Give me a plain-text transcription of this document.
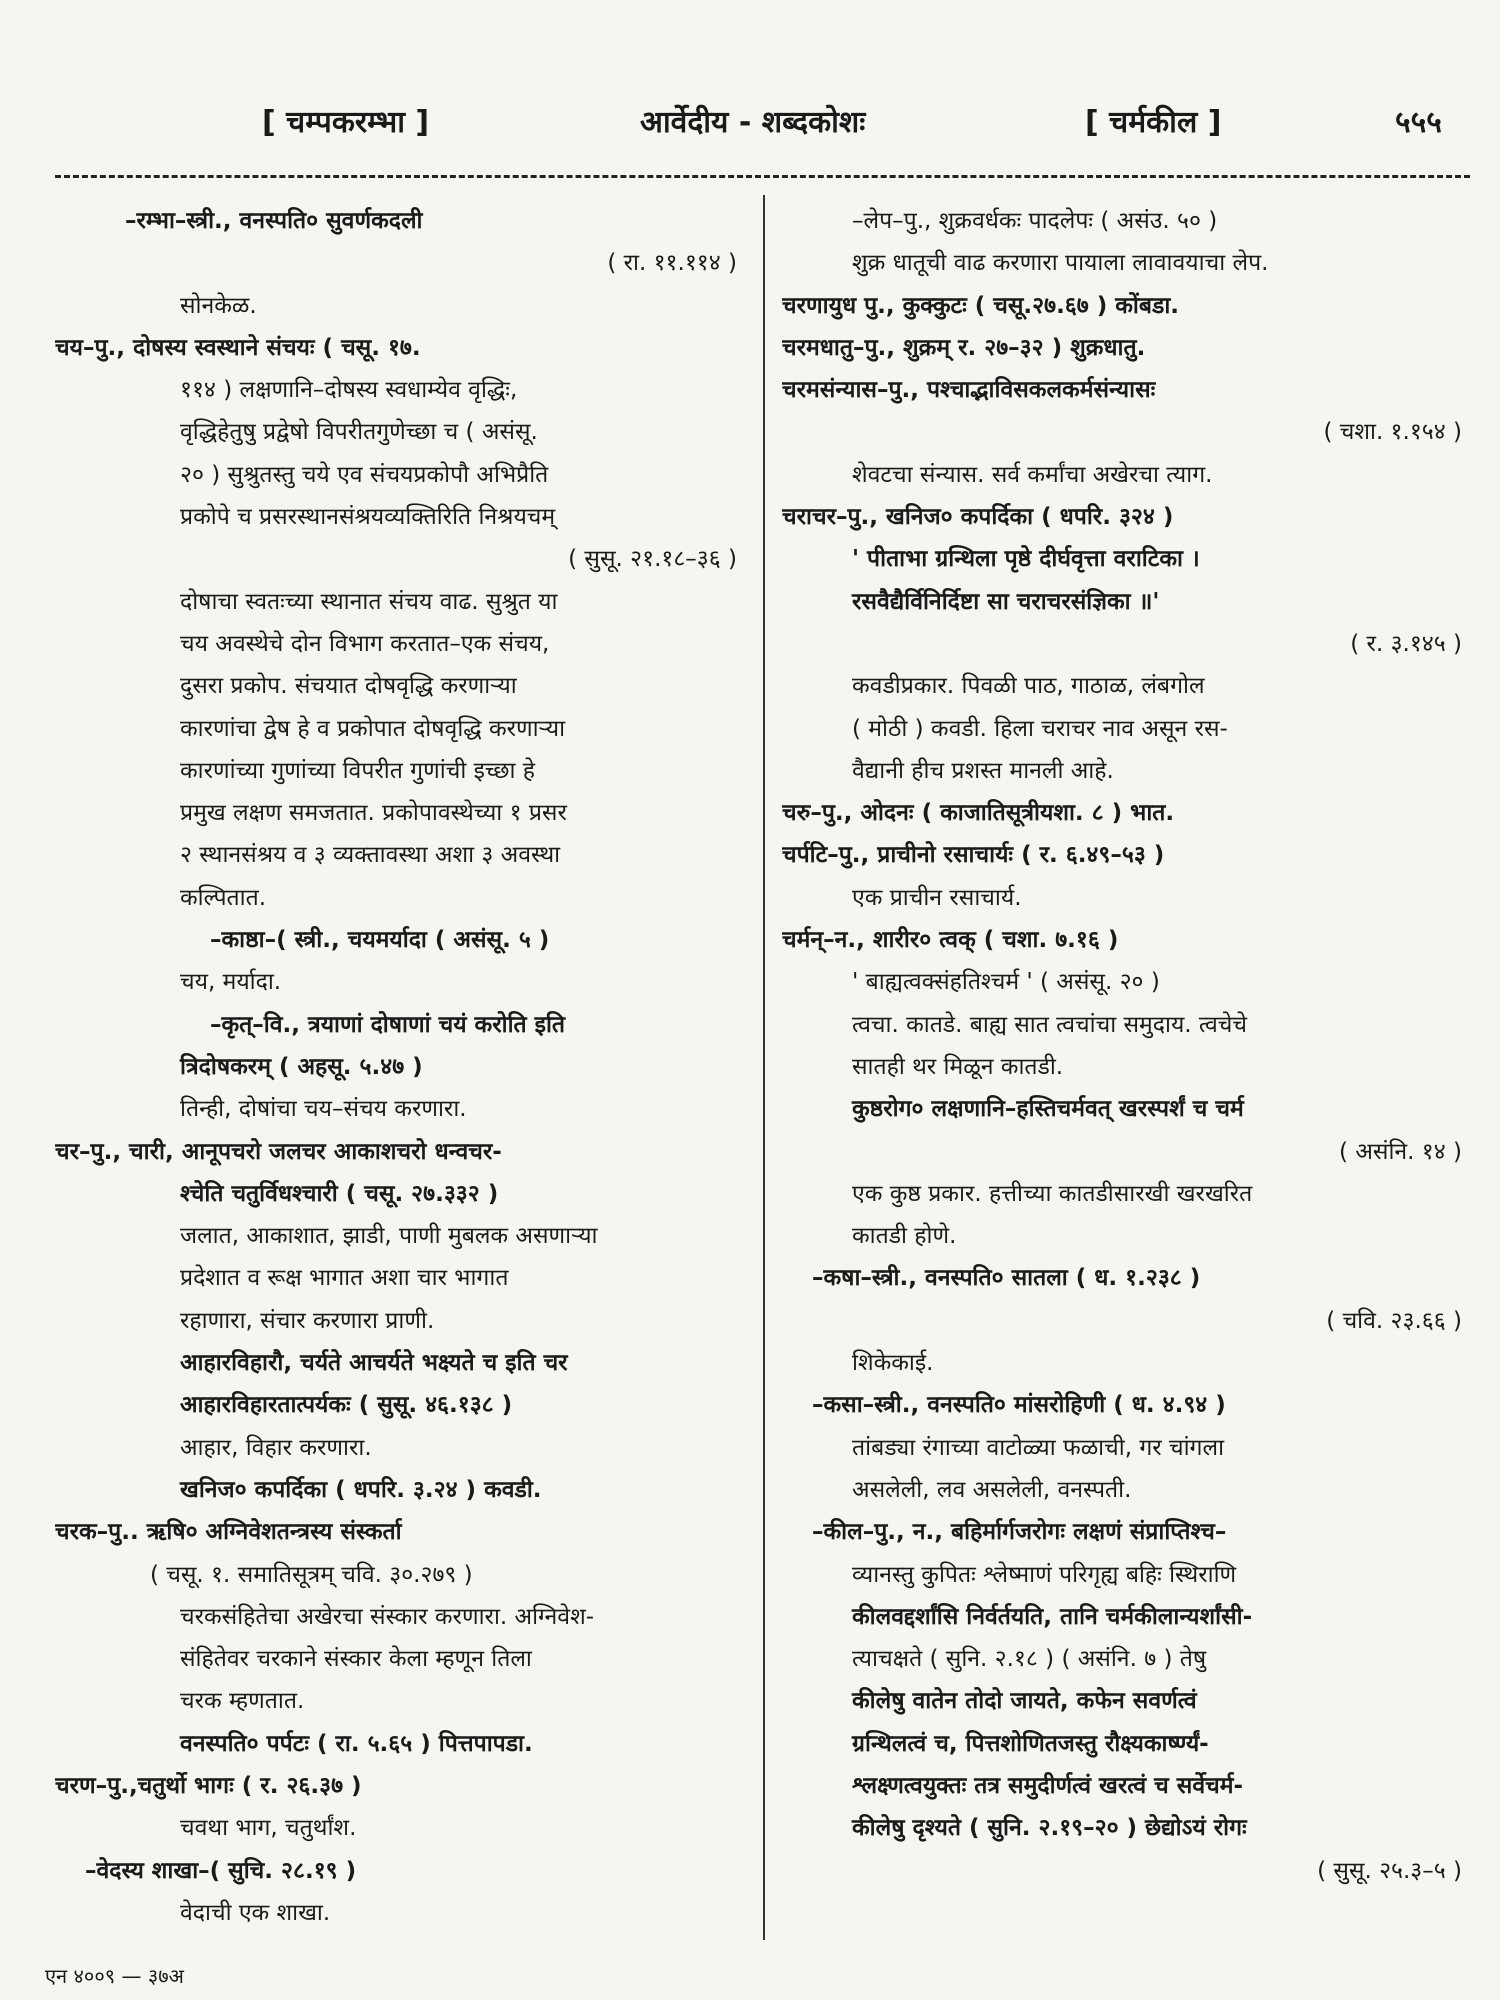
[ चम्पकरम्भा ]	आर्वेदीय - शब्दकोशः	[ चर्मकील ]	५५५
–रम्भा–स्त्री., वनस्पति० सुवर्णकदली
( रा. ११.११४ )
सोनकेळ.
चय–पु., दोषस्य स्वस्थाने संचयः ( चसू. १७.
११४ ) लक्षणानि–दोषस्य स्वधाम्येव वृद्धिः,
वृद्धिहेतुषु प्रद्वेषो विपरीतगुणेच्छा च ( असंसू.
२० ) सुश्रुतस्तु चये एव संचयप्रकोपौ अभिप्रैति
प्रकोपे च प्रसरस्थानसंश्रयव्यक्तिरिति निश्रयचम्
( सुसू. २१.१८–३६ )
दोषाचा स्वतःच्या स्थानात संचय वाढ. सुश्रुत या
चय अवस्थेचे दोन विभाग करतात–एक संचय,
दुसरा प्रकोप. संचयात दोषवृद्धि करणाऱ्या
कारणांचा द्वेष हे व प्रकोपात दोषवृद्धि करणाऱ्या
कारणांच्या गुणांच्या विपरीत गुणांची इच्छा हे
प्रमुख लक्षण समजतात. प्रकोपावस्थेच्या १ प्रसर
२ स्थानसंश्रय व ३ व्यक्तावस्था अशा ३ अवस्था
कल्पितात.
–काष्ठा–( स्त्री., चयमर्यादा ( असंसू. ५ )
चय, मर्यादा.
–कृत्–वि., त्रयाणां दोषाणां चयं करोति इति
त्रिदोषकरम् ( अहसू. ५.४७ )
तिन्ही, दोषांचा चय–संचय करणारा.
चर–पु., चारी, आनूपचरो जलचर आकाशचरो धन्वचर-
श्चेति चतुर्विधश्चारी ( चसू. २७.३३२ )
जलात, आकाशात, झाडी, पाणी मुबलक असणाऱ्या
प्रदेशात व रूक्ष भागात अशा चार भागात
रहाणारा, संचार करणारा प्राणी.
आहारविहारौ, चर्यते आचर्यते भक्ष्यते च इति चर
आहारविहारतात्पर्यकः ( सुसू. ४६.१३८ )
आहार, विहार करणारा.
खनिज० कपर्दिका ( धपरि. ३.२४ ) कवडी.
चरक–पु.. ऋषि० अग्निवेशतन्त्रस्य संस्कर्ता
( चसू. १. समातिसूत्रम् चवि. ३०.२७९ )
चरकसंहितेचा अखेरचा संस्कार करणारा. अग्निवेश-
संहितेवर चरकाने संस्कार केला म्हणून तिला
चरक म्हणतात.
वनस्पति० पर्पटः ( रा. ५.६५ ) पित्तपापडा.
चरण–पु.,चतुर्थो भागः ( र. २६.३७ )
चवथा भाग, चतुर्थांश.
–वेदस्य शाखा–( सुचि. २८.१९ )
वेदाची एक शाखा.
–लेप–पु., शुक्रवर्धकः पादलेपः ( असंउ. ५० )
शुक्र धातूची वाढ करणारा पायाला लावावयाचा लेप.
चरणायुध पु., कुक्कुटः ( चसू.२७.६७ ) कोंबडा.
चरमधातु–पु., शुक्रम् र. २७–३२ ) शुक्रधातु.
चरमसंन्यास–पु., पश्चाद्भाविसकलकर्मसंन्यासः
( चशा. १.१५४ )
शेवटचा संन्यास. सर्व कर्मांचा अखेरचा त्याग.
चराचर–पु., खनिज० कपर्दिका ( धपरि. ३२४ )
' पीताभा ग्रन्थिला पृष्ठे दीर्घवृत्ता वराटिका ।
रसवैद्यैर्विनिर्दिष्टा सा चराचरसंज्ञिका ॥'
( र. ३.१४५ )
कवडीप्रकार. पिवळी पाठ, गाठाळ, लंबगोल
( मोठी ) कवडी. हिला चराचर नाव असून रस-
वैद्यानी हीच प्रशस्त मानली आहे.
चरु–पु., ओदनः ( काजातिसूत्रीयशा. ८ ) भात.
चर्पटि–पु., प्राचीनो रसाचार्यः ( र. ६.४९–५३ )
एक प्राचीन रसाचार्य.
चर्मन्–न., शारीर० त्वक् ( चशा. ७.१६ )
' बाह्यत्वक्संहतिश्चर्म ' ( असंसू. २० )
त्वचा. कातडे. बाह्य सात त्वचांचा समुदाय. त्वचेचे
सातही थर मिळून कातडी.
कुष्ठरोग० लक्षणानि–हस्तिचर्मवत् खरस्पर्शं च चर्म
( असंनि. १४ )
एक कुष्ठ प्रकार. हत्तीच्या कातडीसारखी खरखरित
कातडी होणे.
–कषा–स्त्री., वनस्पति० सातला ( ध. १.२३८ )
( चवि. २३.६६ )
शिकेकाई.
–कसा–स्त्री., वनस्पति० मांसरोहिणी ( ध. ४.९४ )
तांबड्या रंगाच्या वाटोळ्या फळाची, गर चांगला
असलेली, लव असलेली, वनस्पती.
–कील–पु., न., बहिर्मार्गजरोगः लक्षणं संप्राप्तिश्च–
व्यानस्तु कुपितः श्लेष्माणं परिगृह्य बहिः स्थिराणि
कीलवद्दर्शांसि निर्वर्तयति, तानि चर्मकीलान्यर्शांसी-
त्याचक्षते ( सुनि. २.१८ ) ( असंनि. ७ ) तेषु
कीलेषु वातेन तोदो जायते, कफेन सवर्णत्वं
ग्रन्थिलत्वं च, पित्तशोणितजस्तु रौक्ष्यकार्ष्ण्यं-
श्लक्ष्णत्वयुक्तः तत्र समुदीर्णत्वं खरत्वं च सर्वेचर्म-
कीलेषु दृश्यते ( सुनि. २.१९–२० ) छेद्योऽयं रोगः
( सुसू. २५.३–५ )
एन ४००९ — ३७अ
